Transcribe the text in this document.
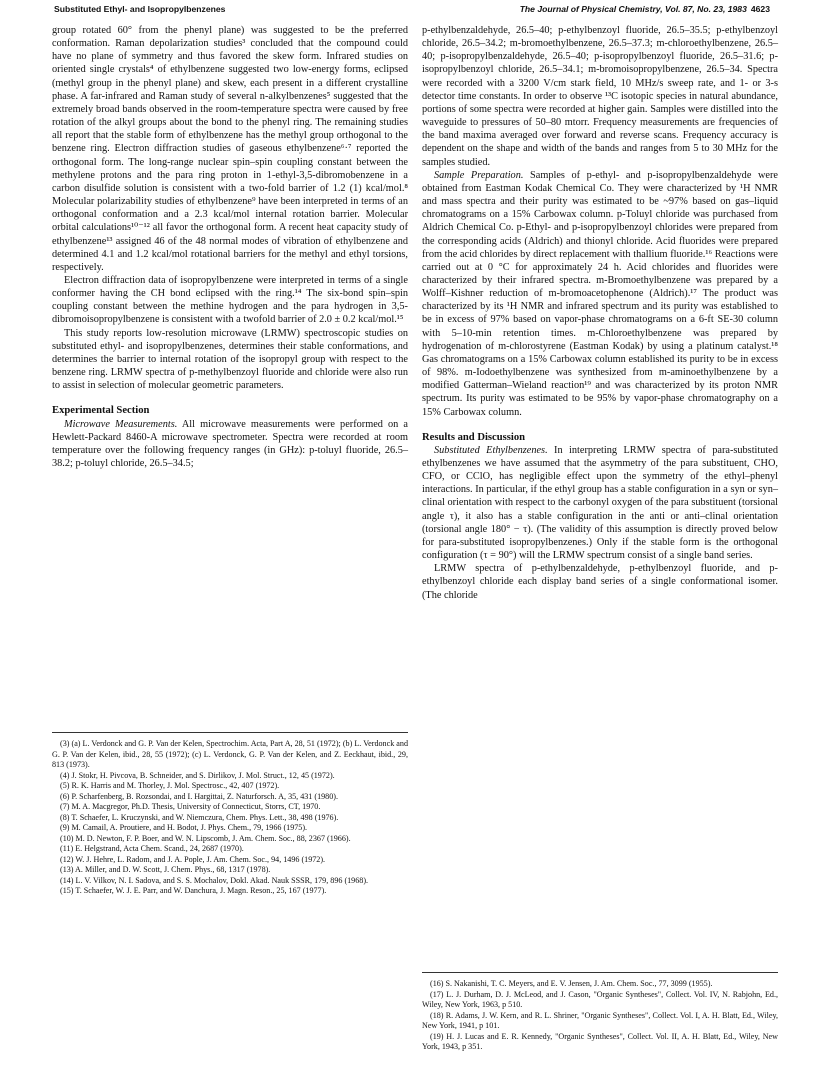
Substituted Ethyl- and Isopropylbenzenes	The Journal of Physical Chemistry, Vol. 87, No. 23, 1983 4623

group rotated 60° from the phenyl plane) was suggested to be the preferred conformation. Raman depolarization studies³ concluded that the compound could have no plane of symmetry and thus favored the skew form. Infrared studies on oriented single crystals⁴ of ethylbenzene suggested two low-energy forms, eclipsed (methyl group in the phenyl plane) and skew, each present in a different crystalline phase. A far-infrared and Raman study of several n-alkylbenzenes⁵ suggested that the extremely broad bands observed in the room-temperature spectra were caused by free rotation of the alkyl groups about the bond to the phenyl ring. The remaining studies all report that the stable form of ethylbenzene has the methyl group orthogonal to the benzene ring. Electron diffraction studies of gaseous ethylbenzene⁶·⁷ reported the orthogonal form. The long-range nuclear spin–spin coupling constant between the methylene protons and the para ring proton in 1-ethyl-3,5-dibromobenzene in a carbon disulfide solution is consistent with a two-fold barrier of 1.2 (1) kcal/mol.⁸ Molecular polarizability studies of ethylbenzene⁹ have been interpreted in terms of an orthogonal conformation and a 2.3 kcal/mol internal rotation barrier. Molecular orbital calculations¹⁰⁻¹² all favor the orthogonal form. A recent heat capacity study of ethylbenzene¹³ assigned 46 of the 48 normal modes of vibration of ethylbenzene and determined 4.1 and 1.2 kcal/mol rotational barriers for the methyl and ethyl torsions, respectively.

Electron diffraction data of isopropylbenzene were interpreted in terms of a single conformer having the CH bond eclipsed with the ring.¹⁴ The six-bond spin–spin coupling constant between the methine hydrogen and the para hydrogen in 3,5-dibromoisopropylbenzene is consistent with a twofold barrier of 2.0 ± 0.2 kcal/mol.¹⁵

This study reports low-resolution microwave (LRMW) spectroscopic studies on substituted ethyl- and isopropylbenzenes, determines their stable conformations, and determines the barrier to internal rotation of the isopropyl group with respect to the benzene ring. LRMW spectra of p-methylbenzoyl fluoride and chloride were also run to assist in selection of molecular geometric parameters.

Experimental Section

Microwave Measurements. All microwave measurements were performed on a Hewlett-Packard 8460-A microwave spectrometer. Spectra were recorded at room temperature over the following frequency ranges (in GHz): p-toluyl fluoride, 26.5–38.2; p-toluyl chloride, 26.5–34.5;

(3) (a) L. Verdonck and G. P. Van der Kelen, Spectrochim. Acta, Part A, 28, 51 (1972); (b) L. Verdonck and G. P. Van der Kelen, ibid., 28, 55 (1972); (c) L. Verdonck, G. P. Van der Kelen, and Z. Eeckhaut, ibid., 29, 813 (1973).

(4) J. Stokr, H. Pivcova, B. Schneider, and S. Dirlikov, J. Mol. Struct., 12, 45 (1972).

(5) R. K. Harris and M. Thorley, J. Mol. Spectrosc., 42, 407 (1972).

(6) P. Scharfenberg, B. Rozsondai, and I. Hargittai, Z. Naturforsch. A, 35, 431 (1980).

(7) M. A. Macgregor, Ph.D. Thesis, University of Connecticut, Storrs, CT, 1970.

(8) T. Schaefer, L. Kruczynski, and W. Niemczura, Chem. Phys. Lett., 38, 498 (1976).

(9) M. Camail, A. Proutiere, and H. Bodot, J. Phys. Chem., 79, 1966 (1975).

(10) M. D. Newton, F. P. Boer, and W. N. Lipscomb, J. Am. Chem. Soc., 88, 2367 (1966).

(11) E. Helgstrand, Acta Chem. Scand., 24, 2687 (1970).

(12) W. J. Hehre, L. Radom, and J. A. Pople, J. Am. Chem. Soc., 94, 1496 (1972).

(13) A. Miller, and D. W. Scott, J. Chem. Phys., 68, 1317 (1978).

(14) L. V. Vilkov, N. I. Sadova, and S. S. Mochalov, Dokl. Akad. Nauk SSSR, 179, 896 (1968).

(15) T. Schaefer, W. J. E. Parr, and W. Danchura, J. Magn. Reson., 25, 167 (1977).

p-ethylbenzaldehyde, 26.5–40; p-ethylbenzoyl fluoride, 26.5–35.5; p-ethylbenzoyl chloride, 26.5–34.2; m-bromoethylbenzene, 26.5–37.3; m-chloroethylbenzene, 26.5–40; p-isopropylbenzaldehyde, 26.5–40; p-isopropylbenzoyl fluoride, 26.5–31.6; p-isopropylbenzoyl chloride, 26.5–34.1; m-bromoisopropylbenzene, 26.5–34. Spectra were recorded with a 3200 V/cm stark field, 10 MHz/s sweep rate, and 1- or 3-s detector time constants. In order to observe ¹³C isotopic species in natural abundance, portions of some spectra were recorded at higher gain. Samples were distilled into the waveguide to pressures of 50–80 mtorr. Frequency measurements are frequencies of the band maxima averaged over forward and reverse scans. Frequency accuracy is dependent on the shape and width of the bands and ranges from 5 to 30 MHz for the samples studied.

Sample Preparation. Samples of p-ethyl- and p-isopropylbenzaldehyde were obtained from Eastman Kodak Chemical Co. They were characterized by ¹H NMR and mass spectra and their purity was estimated to be ~97% based on gas–liquid chromatograms on a 15% Carbowax column. p-Toluyl chloride was purchased from Aldrich Chemical Co. p-Ethyl- and p-isopropylbenzoyl chlorides were prepared from the corresponding acids (Aldrich) and thionyl chloride. Acid fluorides were prepared from the acid chlorides by direct replacement with thallium fluoride.¹⁶ Reactions were carried out at 0 °C for approximately 24 h. Acid chlorides and fluorides were characterized by their infrared spectra. m-Bromoethylbenzene was prepared by a Wolff–Kishner reduction of m-bromoacetophenone (Aldrich).¹⁷ The product was characterized by its ¹H NMR and infrared spectrum and its purity was established to be in excess of 97% based on vapor-phase chromatograms on a 6-ft SE-30 column with 5–10-min retention times. m-Chloroethylbenzene was prepared by hydrogenation of m-chlorostyrene (Eastman Kodak) by using a platinum catalyst.¹⁸ Gas chromatograms on a 15% Carbowax column established its purity to be in excess of 98%. m-Iodoethylbenzene was synthesized from m-aminoethylbenzene by a modified Gatterman–Wieland reaction¹⁹ and was characterized by its proton NMR spectrum. Its purity was estimated to be 95% by vapor-phase chromatography on a 15% Carbowax column.

Results and Discussion

Substituted Ethylbenzenes. In interpreting LRMW spectra of para-substituted ethylbenzenes we have assumed that the asymmetry of the para substituent, CHO, CFO, or CClO, has negligible effect upon the symmetry of the ethyl–phenyl interactions. In particular, if the ethyl group has a stable configuration in a syn or syn–clinal orientation with respect to the carbonyl oxygen of the para substituent (torsional angle τ), it also has a stable configuration in the anti or anti–clinal orientation (torsional angle 180° − τ). (The validity of this assumption is directly proved below for para-substituted isopropylbenzenes.) Only if the stable form is the orthogonal configuration (τ = 90°) will the LRMW spectrum consist of a single band series.

LRMW spectra of p-ethylbenzaldehyde, p-ethylbenzoyl fluoride, and p-ethylbenzoyl chloride each display band series of a single conformational isomer. (The chloride

(16) S. Nakanishi, T. C. Meyers, and E. V. Jensen, J. Am. Chem. Soc., 77, 3099 (1955).

(17) L. J. Durham, D. J. McLeod, and J. Cason, "Organic Syntheses", Collect. Vol. IV, N. Rabjohn, Ed., Wiley, New York, 1963, p 510.

(18) R. Adams, J. W. Kern, and R. L. Shriner, "Organic Syntheses", Collect. Vol. I, A. H. Blatt, Ed., Wiley, New York, 1941, p 101.

(19) H. J. Lucas and E. R. Kennedy, "Organic Syntheses", Collect. Vol. II, A. H. Blatt, Ed., Wiley, New York, 1943, p 351.
